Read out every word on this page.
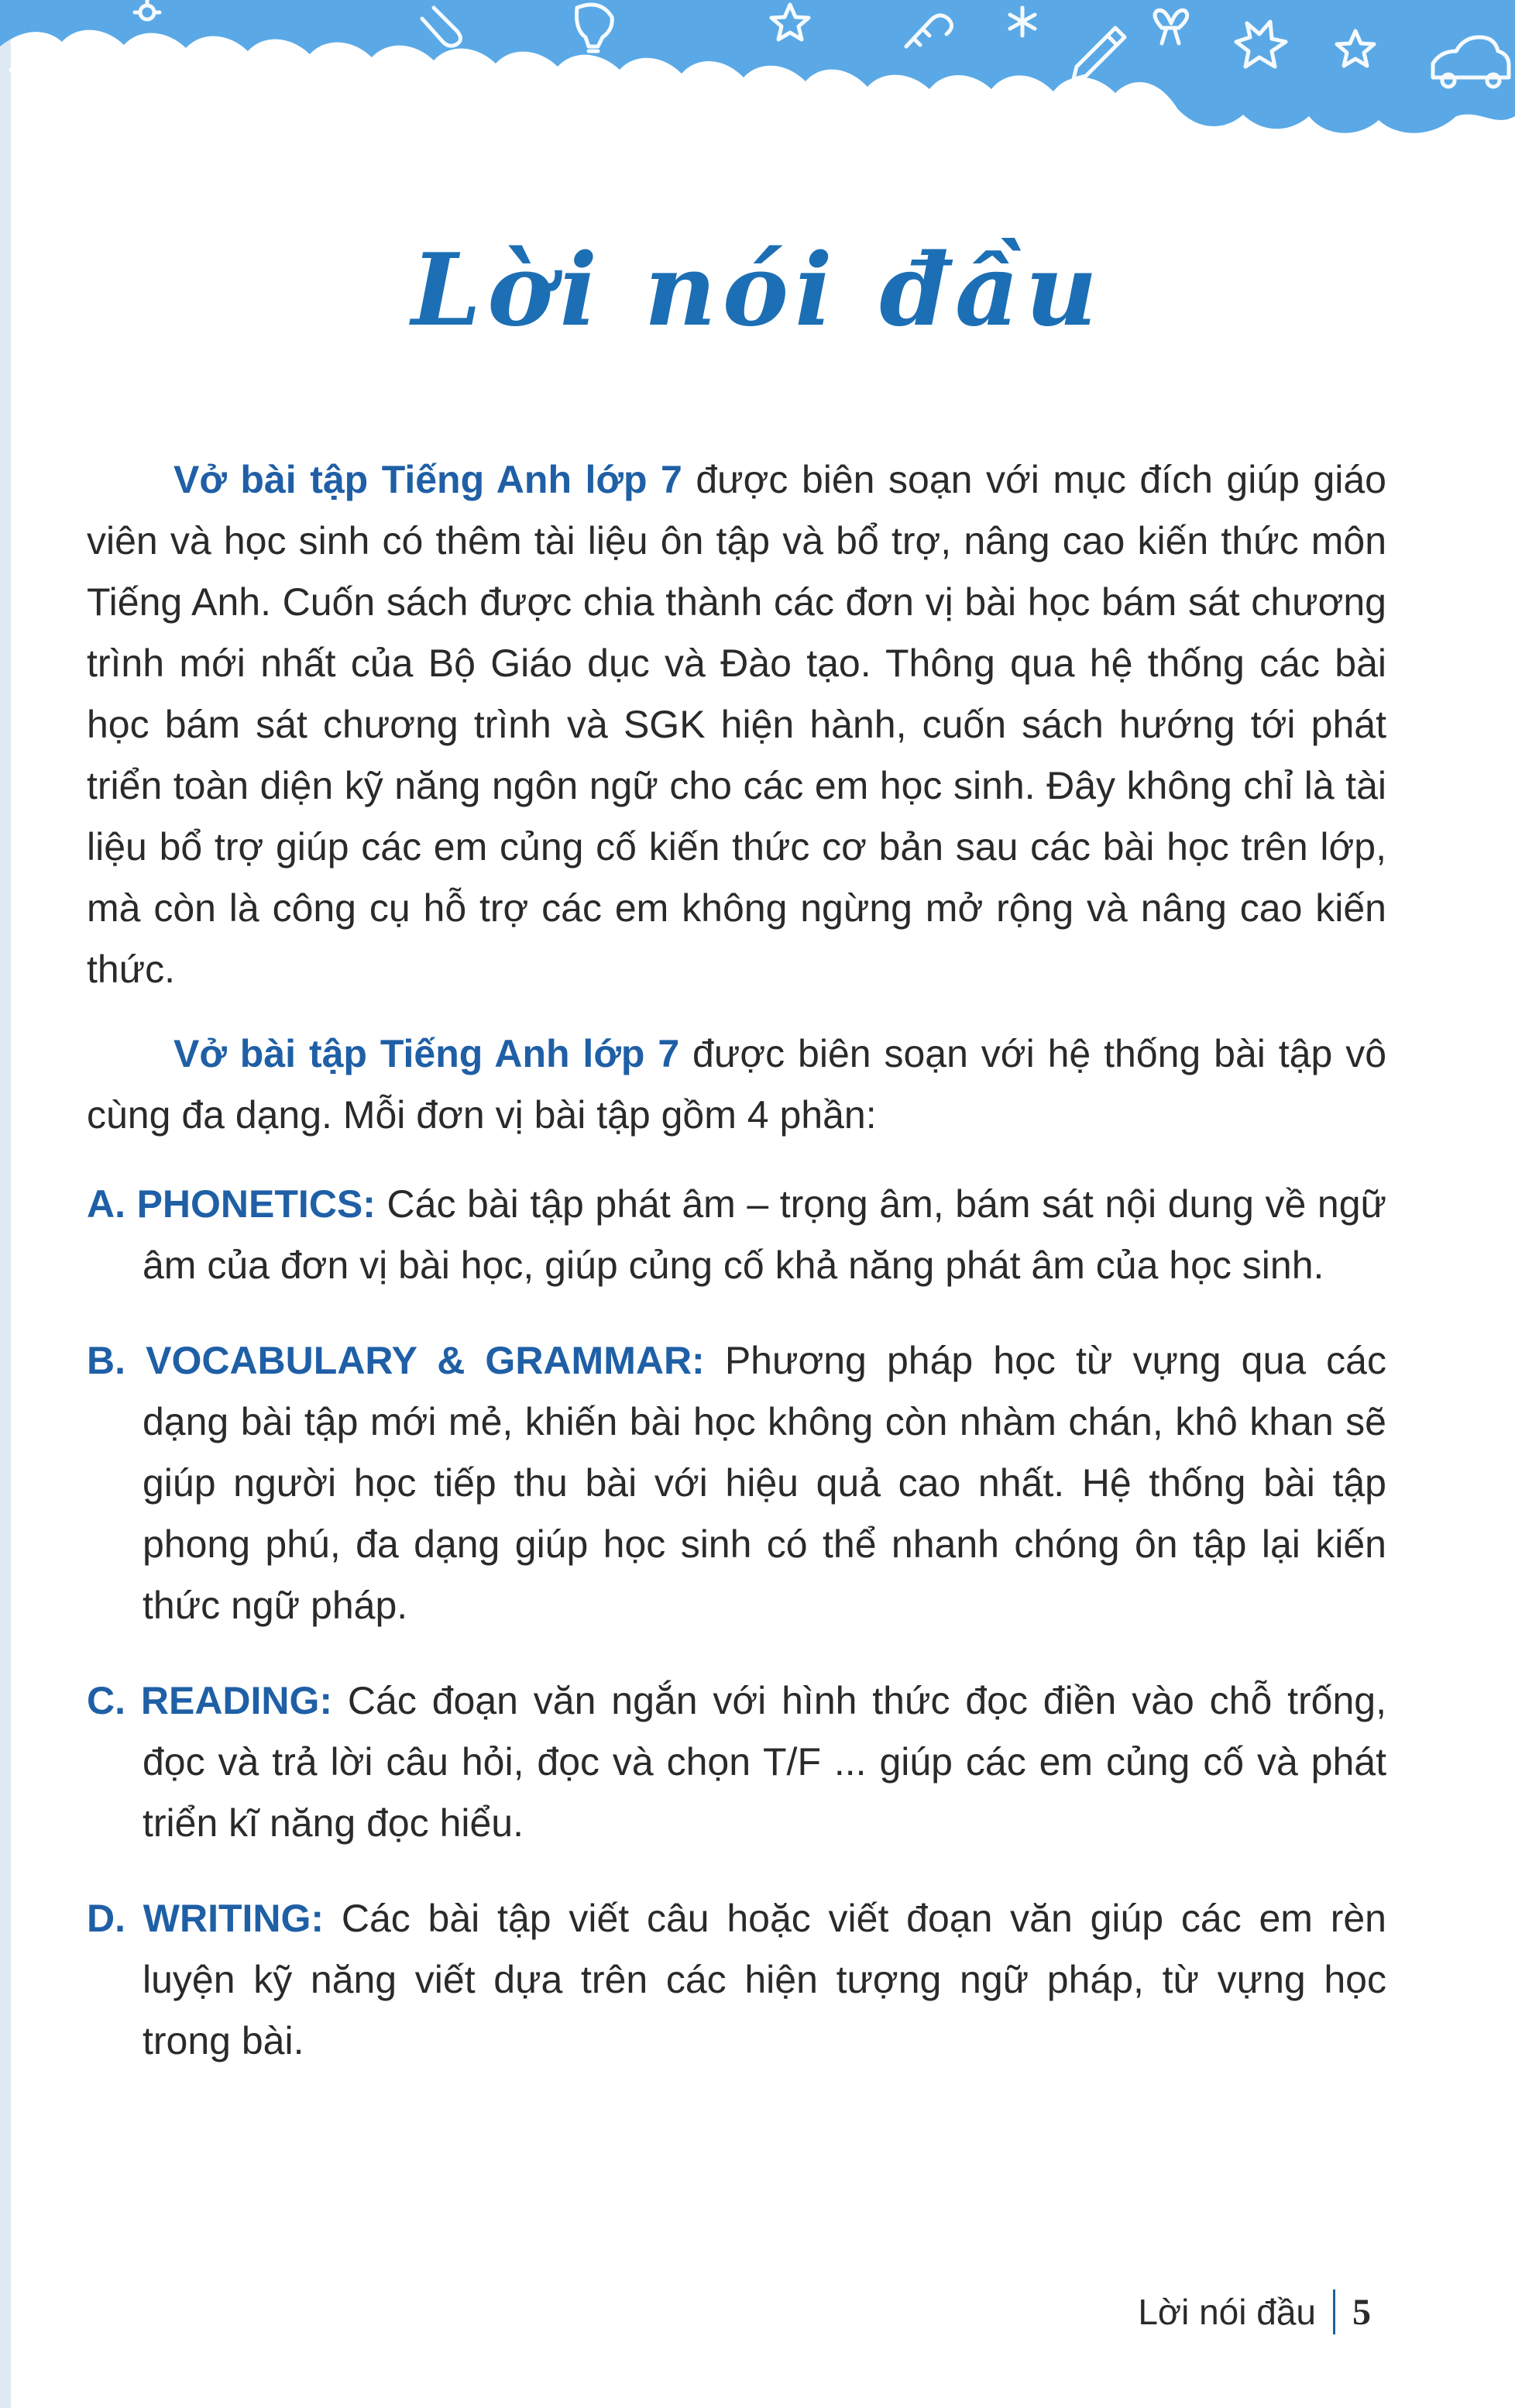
Lời nói đầu

Vở bài tập Tiếng Anh lớp 7 được biên soạn với mục đích giúp giáo viên và học sinh có thêm tài liệu ôn tập và bổ trợ, nâng cao kiến thức môn Tiếng Anh. Cuốn sách được chia thành các đơn vị bài học bám sát chương trình mới nhất của Bộ Giáo dục và Đào tạo. Thông qua hệ thống các bài học bám sát chương trình và SGK hiện hành, cuốn sách hướng tới phát triển toàn diện kỹ năng ngôn ngữ cho các em học sinh. Đây không chỉ là tài liệu bổ trợ giúp các em củng cố kiến thức cơ bản sau các bài học trên lớp, mà còn là công cụ hỗ trợ các em không ngừng mở rộng và nâng cao kiến thức.

Vở bài tập Tiếng Anh lớp 7 được biên soạn với hệ thống bài tập vô cùng đa dạng. Mỗi đơn vị bài tập gồm 4 phần:

A. PHONETICS: Các bài tập phát âm – trọng âm, bám sát nội dung về ngữ âm của đơn vị bài học, giúp củng cố khả năng phát âm của học sinh.

B. VOCABULARY & GRAMMAR: Phương pháp học từ vựng qua các dạng bài tập mới mẻ, khiến bài học không còn nhàm chán, khô khan sẽ giúp người học tiếp thu bài với hiệu quả cao nhất. Hệ thống bài tập phong phú, đa dạng giúp học sinh có thể nhanh chóng ôn tập lại kiến thức ngữ pháp.

C. READING: Các đoạn văn ngắn với hình thức đọc điền vào chỗ trống, đọc và trả lời câu hỏi, đọc và chọn T/F ... giúp các em củng cố và phát triển kĩ năng đọc hiểu.

D. WRITING: Các bài tập viết câu hoặc viết đoạn văn giúp các em rèn luyện kỹ năng viết dựa trên các hiện tượng ngữ pháp, từ vựng học trong bài.

Lời nói đầu 5
